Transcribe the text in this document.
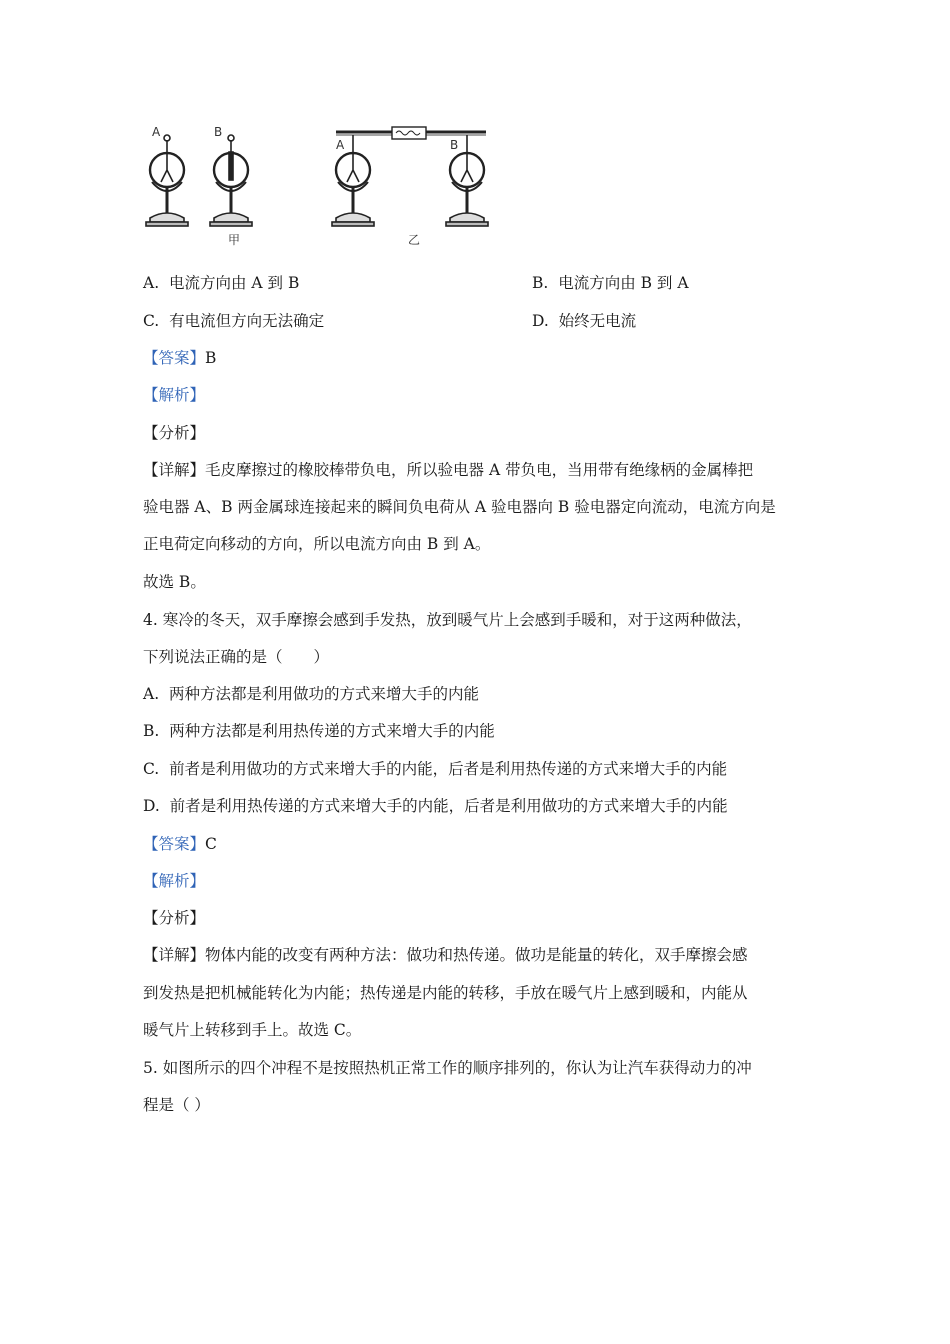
A	B
甲
A	B
乙
A. 电流方向由 A 到 B	B. 电流方向由 B 到 A
C. 有电流但方向无法确定	D. 始终无电流
【答案】B
【解析】
【分析】
【详解】毛皮摩擦过的橡胶棒带负电，所以验电器 A 带负电，当用带有绝缘柄的金属棒把
验电器 A、B 两金属球连接起来的瞬间负电荷从 A 验电器向 B 验电器定向流动，电流方向是
正电荷定向移动的方向，所以电流方向由 B 到 A。
故选 B。
4. 寒冷的冬天，双手摩擦会感到手发热，放到暖气片上会感到手暖和，对于这两种做法，
下列说法正确的是（　　）
A. 两种方法都是利用做功的方式来增大手的内能
B. 两种方法都是利用热传递的方式来增大手的内能
C. 前者是利用做功的方式来增大手的内能，后者是利用热传递的方式来增大手的内能
D. 前者是利用热传递的方式来增大手的内能，后者是利用做功的方式来增大手的内能
【答案】C
【解析】
【分析】
【详解】物体内能的改变有两种方法：做功和热传递。做功是能量的转化，双手摩擦会感
到发热是把机械能转化为内能；热传递是内能的转移，手放在暖气片上感到暖和，内能从
暖气片上转移到手上。故选 C。
5. 如图所示的四个冲程不是按照热机正常工作的顺序排列的，你认为让汽车获得动力的冲
程是（ ）
